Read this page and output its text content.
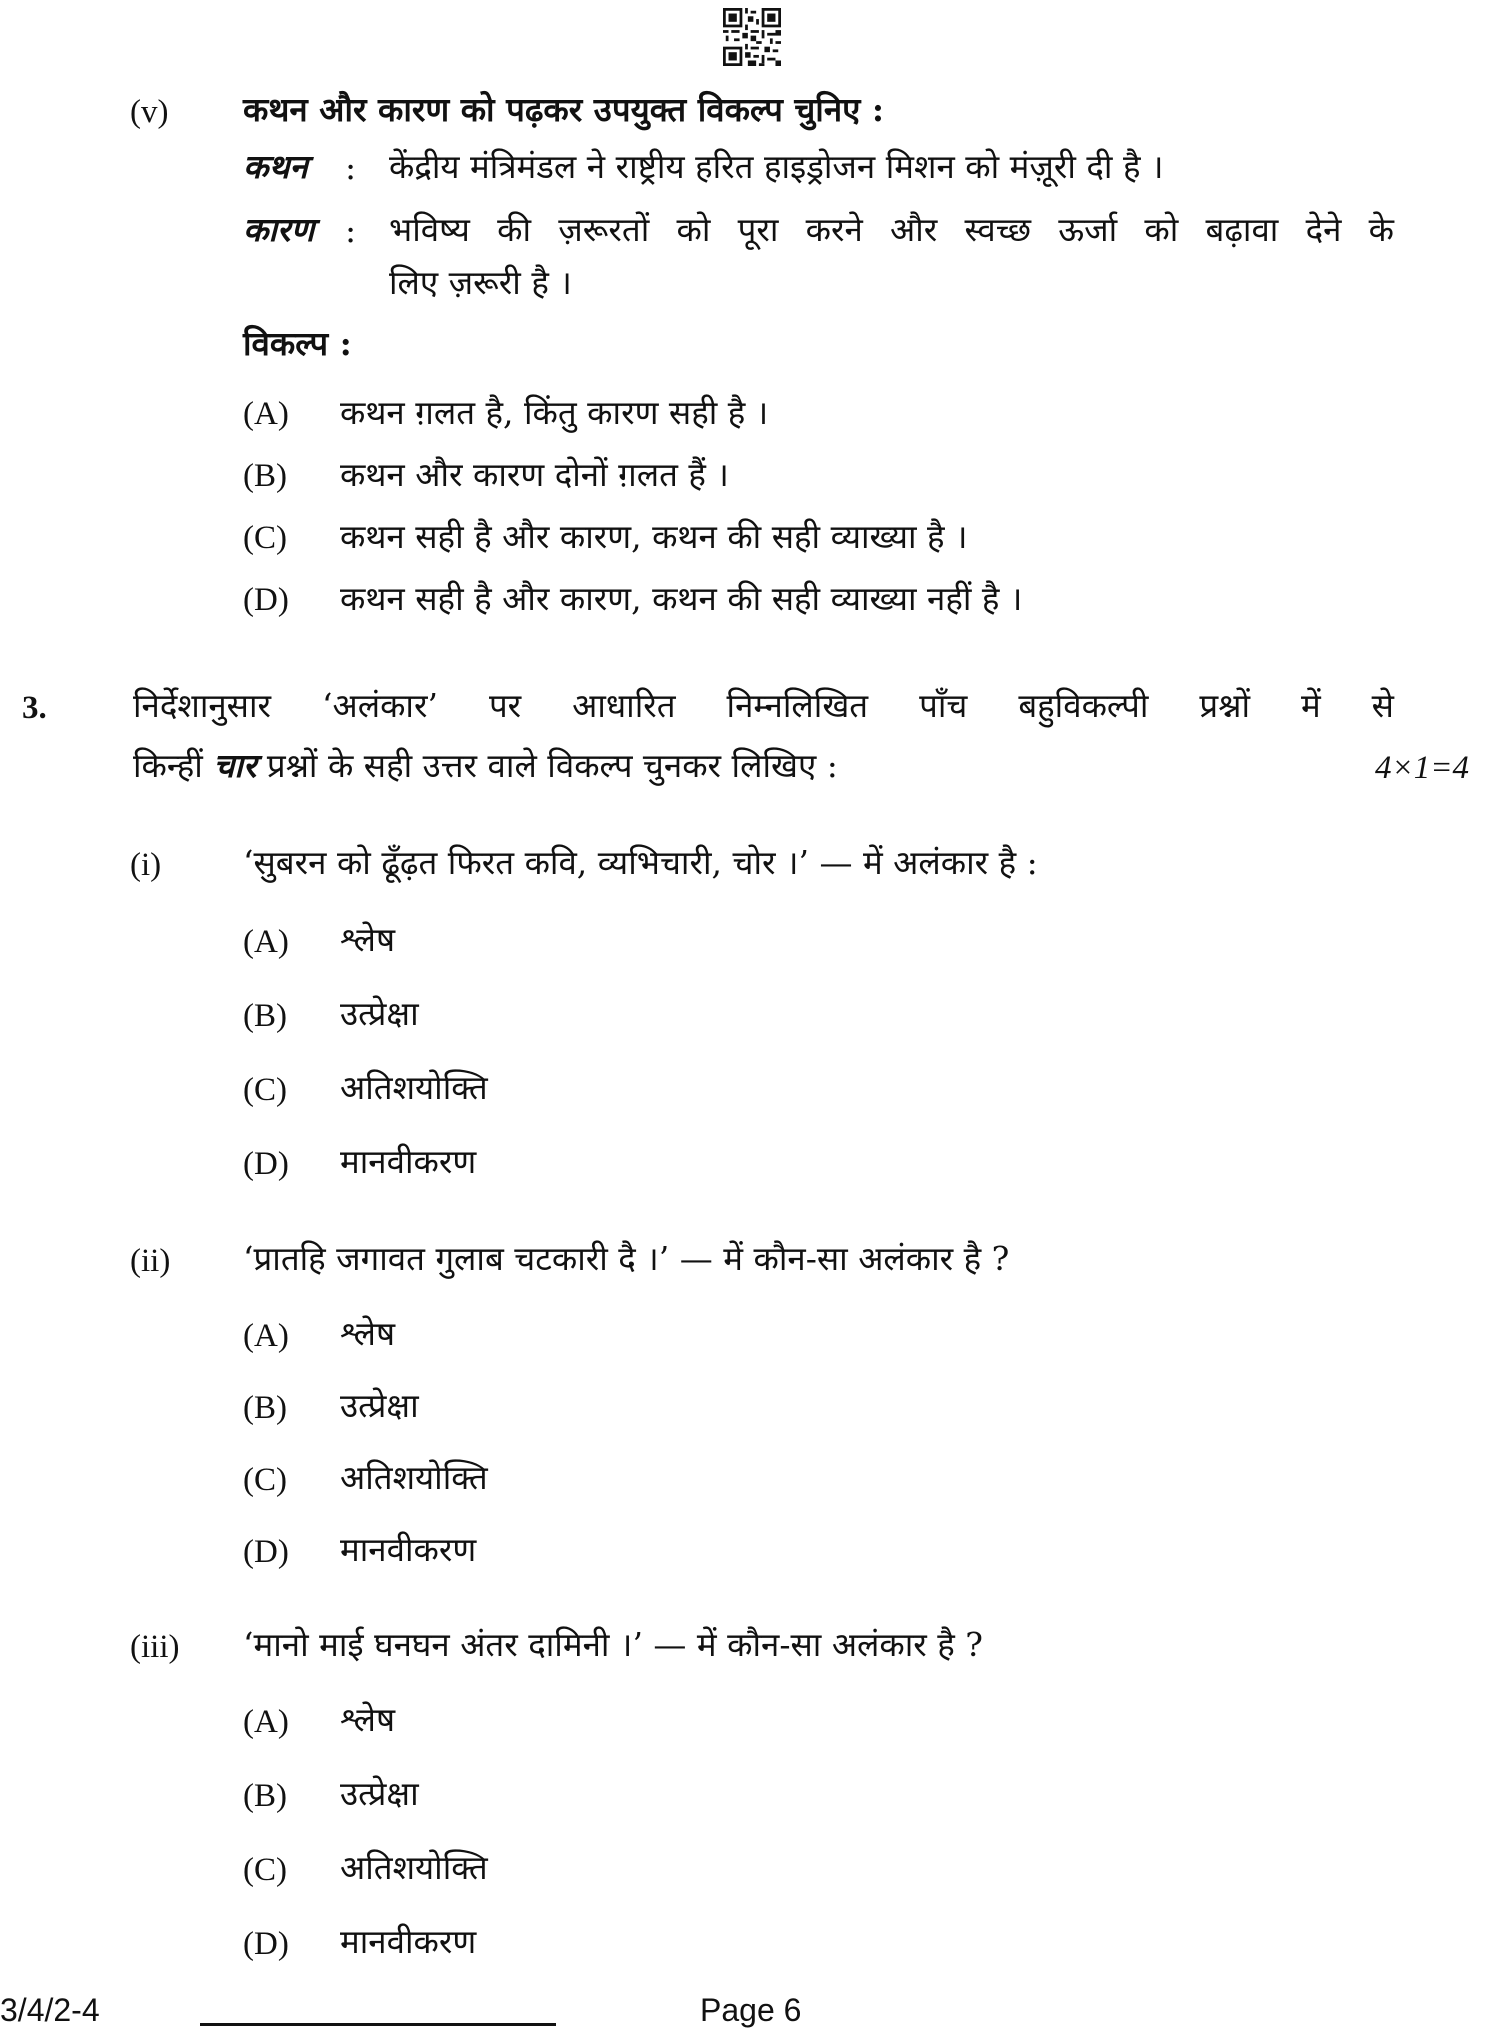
(v) कथन और कारण को पढ़कर उपयुक्त विकल्प चुनिए :
कथन : केंद्रीय मंत्रिमंडल ने राष्ट्रीय हरित हाइड्रोजन मिशन को मंज़ूरी दी है ।
कारण : भविष्य की ज़रूरतों को पूरा करने और स्वच्छ ऊर्जा को बढ़ावा देने के
लिए ज़रूरी है ।
विकल्प :
(A) कथन ग़लत है, किंतु कारण सही है ।
(B) कथन और कारण दोनों ग़लत हैं ।
(C) कथन सही है और कारण, कथन की सही व्याख्या है ।
(D) कथन सही है और कारण, कथन की सही व्याख्या नहीं है ।
3.	निर्देशानुसार ‘अलंकार’ पर आधारित निम्नलिखित पाँच बहुविकल्पी प्रश्नों में से
किन्हीं चार प्रश्नों के सही उत्तर वाले विकल्प चुनकर लिखिए :	4×1=4
(i) ‘सुबरन को ढूँढ़त फिरत कवि, व्यभिचारी, चोर ।’ — में अलंकार है :
(A) श्लेष
(B) उत्प्रेक्षा
(C) अतिशयोक्ति
(D) मानवीकरण
(ii) ‘प्रातहि जगावत गुलाब चटकारी दै ।’ — में कौन-सा अलंकार है ?
(A) श्लेष
(B) उत्प्रेक्षा
(C) अतिशयोक्ति
(D) मानवीकरण
(iii) ‘मानो माई घनघन अंतर दामिनी ।’ — में कौन-सा अलंकार है ?
(A) श्लेष
(B) उत्प्रेक्षा
(C) अतिशयोक्ति
(D) मानवीकरण
3/4/2-4	Page 6
